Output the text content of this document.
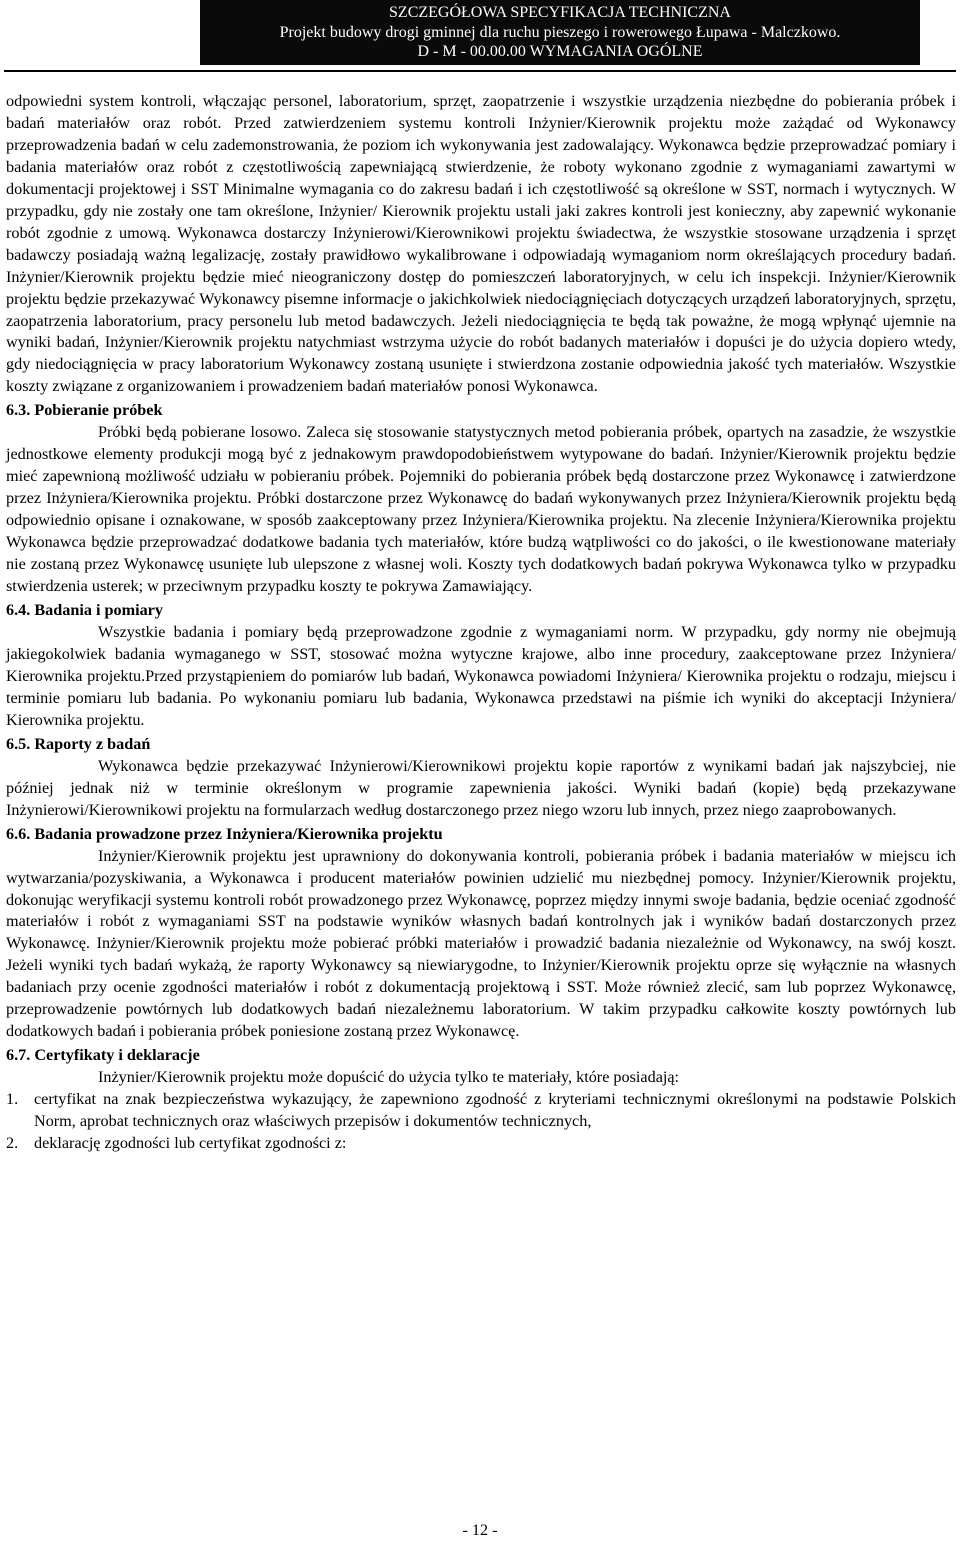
SZCZEGÓŁOWA SPECYFIKACJA TECHNICZNA
Projekt budowy drogi gminnej dla ruchu pieszego i rowerowego Łupawa - Malczkowo.
D - M - 00.00.00 WYMAGANIA OGÓLNE

odpowiedni system kontroli, włączając personel, laboratorium, sprzęt, zaopatrzenie i wszystkie urządzenia niezbędne do pobierania próbek i badań materiałów oraz robót. Przed zatwierdzeniem systemu kontroli Inżynier/Kierownik projektu może zażądać od Wykonawcy przeprowadzenia badań w celu zademonstrowania, że poziom ich wykonywania jest zadowalający. Wykonawca będzie przeprowadzać pomiary i badania materiałów oraz robót z częstotliwością zapewniającą stwierdzenie, że roboty wykonano zgodnie z wymaganiami zawartymi w dokumentacji projektowej i SST Minimalne wymagania co do zakresu badań i ich częstotliwość są określone w SST, normach i wytycznych. W przypadku, gdy nie zostały one tam określone, Inżynier/ Kierownik projektu ustali jaki zakres kontroli jest konieczny, aby zapewnić wykonanie robót zgodnie z umową. Wykonawca dostarczy Inżynierowi/Kierownikowi projektu świadectwa, że wszystkie stosowane urządzenia i sprzęt badawczy posiadają ważną legalizację, zostały prawidłowo wykalibrowane i odpowiadają wymaganiom norm określających procedury badań. Inżynier/Kierownik projektu będzie mieć nieograniczony dostęp do pomieszczeń laboratoryjnych, w celu ich inspekcji. Inżynier/Kierownik projektu będzie przekazywać Wykonawcy pisemne informacje o jakichkolwiek niedociągnięciach dotyczących urządzeń laboratoryjnych, sprzętu, zaopatrzenia laboratorium, pracy personelu lub metod badawczych. Jeżeli niedociągnięcia te będą tak poważne, że mogą wpłynąć ujemnie na wyniki badań, Inżynier/Kierownik projektu natychmiast wstrzyma użycie do robót badanych materiałów i dopuści je do użycia dopiero wtedy, gdy niedociągnięcia w pracy laboratorium Wykonawcy zostaną usunięte i stwierdzona zostanie odpowiednia jakość tych materiałów. Wszystkie koszty związane z organizowaniem i prowadzeniem badań materiałów ponosi Wykonawca.

6.3. Pobieranie próbek

Próbki będą pobierane losowo. Zaleca się stosowanie statystycznych metod pobierania próbek, opartych na zasadzie, że wszystkie jednostkowe elementy produkcji mogą być z jednakowym prawdopodobieństwem wytypowane do badań. Inżynier/Kierownik projektu będzie mieć zapewnioną możliwość udziału w pobieraniu próbek. Pojemniki do pobierania próbek będą dostarczone przez Wykonawcę i zatwierdzone przez Inżyniera/Kierownika projektu. Próbki dostarczone przez Wykonawcę do badań wykonywanych przez Inżyniera/Kierownik projektu będą odpowiednio opisane i oznakowane, w sposób zaakceptowany przez Inżyniera/Kierownika projektu. Na zlecenie Inżyniera/Kierownika projektu Wykonawca będzie przeprowadzać dodatkowe badania tych materiałów, które budzą wątpliwości co do jakości, o ile kwestionowane materiały nie zostaną przez Wykonawcę usunięte lub ulepszone z własnej woli. Koszty tych dodatkowych badań pokrywa Wykonawca tylko w przypadku stwierdzenia usterek; w przeciwnym przypadku koszty te pokrywa Zamawiający.

6.4. Badania i pomiary

Wszystkie badania i pomiary będą przeprowadzone zgodnie z wymaganiami norm. W przypadku, gdy normy nie obejmują jakiegokolwiek badania wymaganego w SST, stosować można wytyczne krajowe, albo inne procedury, zaakceptowane przez Inżyniera/ Kierownika projektu.Przed przystąpieniem do pomiarów lub badań, Wykonawca powiadomi Inżyniera/ Kierownika projektu o rodzaju, miejscu i terminie pomiaru lub badania. Po wykonaniu pomiaru lub badania, Wykonawca przedstawi na piśmie ich wyniki do akceptacji Inżyniera/ Kierownika projektu.

6.5. Raporty z badań

Wykonawca będzie przekazywać Inżynierowi/Kierownikowi projektu kopie raportów z wynikami badań jak najszybciej, nie później jednak niż w terminie określonym w programie zapewnienia jakości. Wyniki badań (kopie) będą przekazywane Inżynierowi/Kierownikowi projektu na formularzach według dostarczonego przez niego wzoru lub innych, przez niego zaaprobowanych.

6.6. Badania prowadzone przez Inżyniera/Kierownika projektu

Inżynier/Kierownik projektu jest uprawniony do dokonywania kontroli, pobierania próbek i badania materiałów w miejscu ich wytwarzania/pozyskiwania, a Wykonawca i producent materiałów powinien udzielić mu niezbędnej pomocy. Inżynier/Kierownik projektu, dokonując weryfikacji systemu kontroli robót prowadzonego przez Wykonawcę, poprzez między innymi swoje badania, będzie oceniać zgodność materiałów i robót z wymaganiami SST na podstawie wyników własnych badań kontrolnych jak i wyników badań dostarczonych przez Wykonawcę. Inżynier/Kierownik projektu może pobierać próbki materiałów i prowadzić badania niezależnie od Wykonawcy, na swój koszt. Jeżeli wyniki tych badań wykażą, że raporty Wykonawcy są niewiarygodne, to Inżynier/Kierownik projektu oprze się wyłącznie na własnych badaniach przy ocenie zgodności materiałów i robót z dokumentacją projektową i SST. Może również zlecić, sam lub poprzez Wykonawcę, przeprowadzenie powtórnych lub dodatkowych badań niezależnemu laboratorium. W takim przypadku całkowite koszty powtórnych lub dodatkowych badań i pobierania próbek poniesione zostaną przez Wykonawcę.

6.7. Certyfikaty i deklaracje

Inżynier/Kierownik projektu może dopuścić do użycia tylko te materiały, które posiadają:

1. certyfikat na znak bezpieczeństwa wykazujący, że zapewniono zgodność z kryteriami technicznymi określonymi na podstawie Polskich Norm, aprobat technicznych oraz właściwych przepisów i dokumentów technicznych,
2. deklarację zgodności lub certyfikat zgodności z:
- 12 -
